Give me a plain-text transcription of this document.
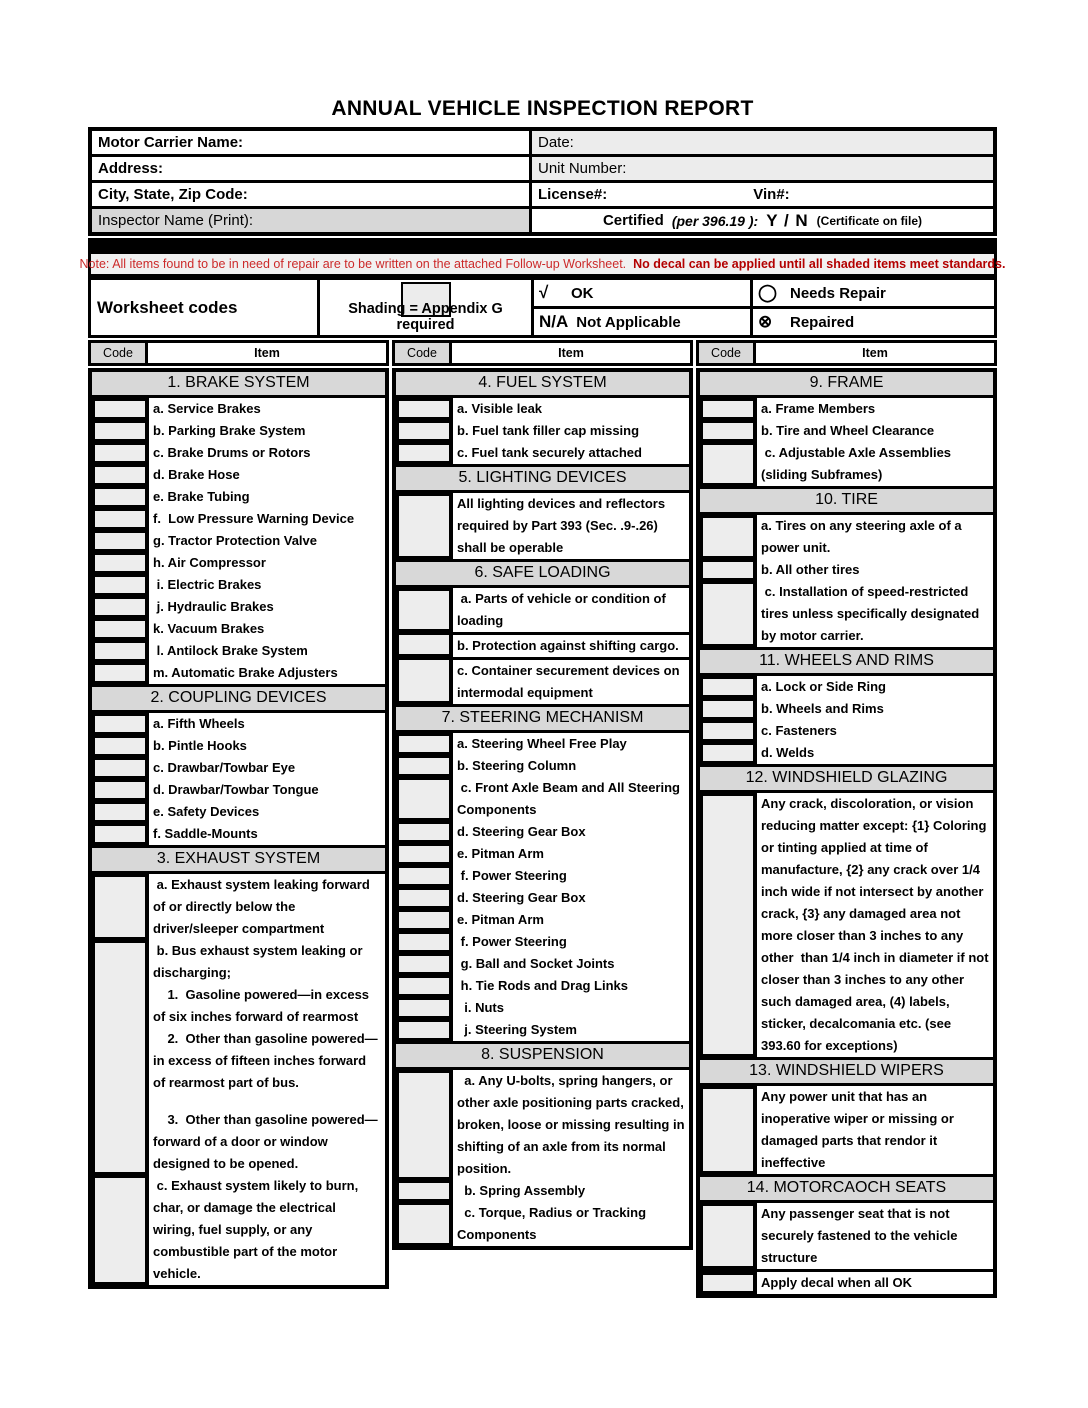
ANNUAL VEHICLE INSPECTION REPORT
Motor Carrier Name:	Date:
Address:	Unit Number:
City, State, Zip Code:	License#:	Vin#:
Inspector Name (Print):	Certified (per 396.19 ): Y / N (Certificate on file)
Note: All items found to be in need of repair are to be written on the attached Follow-up Worksheet. No decal can be applied until all shaded items meet standards.
Worksheet codes
√	OK	◯ Needs Repair
Shading = Appendix G required	N/A Not Applicable	⊗	Repaired
Code	Item	Code	Item	Code	Item
1. BRAKE SYSTEM
a. Service Brakes
b. Parking Brake System
c. Brake Drums or Rotors
d. Brake Hose
e. Brake Tubing
f.  Low Pressure Warning Device
g. Tractor Protection Valve
h. Air Compressor
i. Electric Brakes
j. Hydraulic Brakes
k. Vacuum Brakes
l. Antilock Brake System
m. Automatic Brake Adjusters
2. COUPLING DEVICES
a. Fifth Wheels
b. Pintle Hooks
c. Drawbar/Towbar Eye
d. Drawbar/Towbar Tongue
e. Safety Devices
f. Saddle-Mounts
3. EXHAUST SYSTEM
a. Exhaust system leaking forward of or directly below the driver/sleeper compartment
b. Bus exhaust system leaking or discharging;
1.  Gasoline powered—in excess of six inches forward of rearmost
2.  Other than gasoline powered—in excess of fifteen inches forward of rearmost part of bus.
3.  Other than gasoline powered—forward of a door or window designed to be opened.
c. Exhaust system likely to burn, char, or damage the electrical wiring, fuel supply, or any combustible part of the motor vehicle.
4. FUEL SYSTEM
a. Visible leak
b. Fuel tank filler cap missing
c. Fuel tank securely attached
5. LIGHTING DEVICES
All lighting devices and reflectors required by Part 393 (Sec. .9-.26) shall be operable
6. SAFE LOADING
a. Parts of vehicle or condition of loading
b. Protection against shifting cargo.
c. Container securement devices on intermodal equipment
7. STEERING MECHANISM
a. Steering Wheel Free Play
b. Steering Column
c. Front Axle Beam and All Steering Components
d. Steering Gear Box
e. Pitman Arm
f. Power Steering
d. Steering Gear Box
e. Pitman Arm
f. Power Steering
g. Ball and Socket Joints
h. Tie Rods and Drag Links
i. Nuts
j. Steering System
8. SUSPENSION
a. Any U-bolts, spring hangers, or other axle positioning parts cracked, broken, loose or missing resulting in shifting of an axle from its normal position.
b. Spring Assembly
c. Torque, Radius or Tracking Components
9. FRAME
a. Frame Members
b. Tire and Wheel Clearance
c. Adjustable Axle Assemblies (sliding Subframes)
10. TIRE
a. Tires on any steering axle of a power unit.
b. All other tires
c. Installation of speed-restricted tires unless specifically designated by motor carrier.
11. WHEELS AND RIMS
a. Lock or Side Ring
b. Wheels and Rims
c. Fasteners
d. Welds
12. WINDSHIELD GLAZING
Any crack, discoloration, or vision reducing matter except: {1} Coloring or tinting applied at time of manufacture, {2} any crack over 1/4 inch wide if not intersect by another crack, {3} any damaged area not more closer than 3 inches to any other  than 1/4 inch in diameter if not closer than 3 inches to any other such damaged area, (4) labels, sticker, decalcomania etc. (see 393.60 for exceptions)
13. WINDSHIELD WIPERS
Any power unit that has an inoperative wiper or missing or damaged parts that rendor it ineffective
14. MOTORCAOCH SEATS
Any passenger seat that is not securely fastened to the vehicle structure
Apply decal when all OK
